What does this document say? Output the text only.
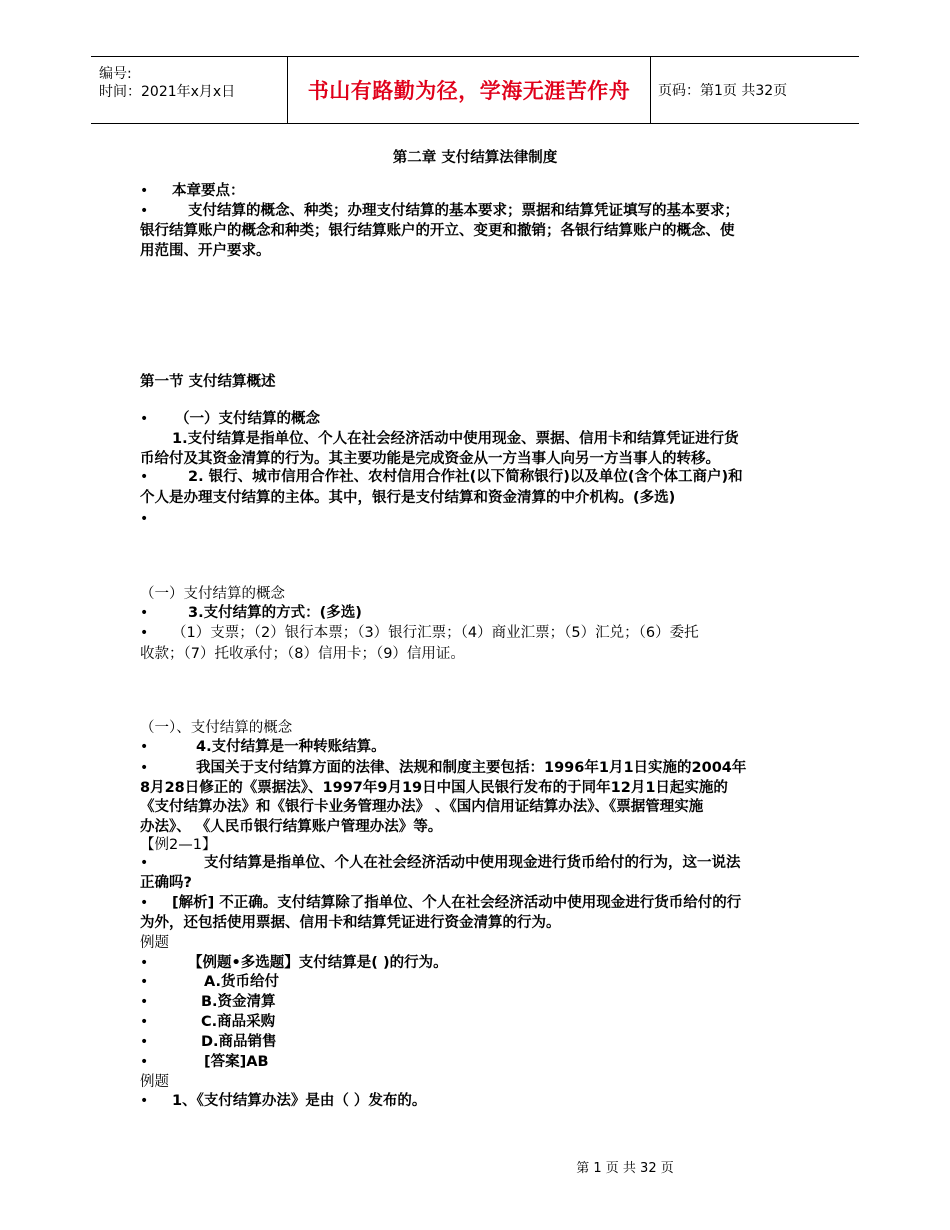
编号:
时间：2021年x月x日	书山有路勤为径，学海无涯苦作舟 页码：第1页 共32页
第二章 支付结算法律制度
•
•
•
•
•
•
•
•
•
•
•
•
•
•
•
•
•
•
本章要点：
支付结算的概念、种类；办理支付结算的基本要求；票据和结算凭证填写的基本要求；
银行结算账户的概念和种类；银行结算账户的开立、变更和撤销；各银行结算账户的概念、使
用范围、开户要求。
第一节 支付结算概述
（一）支付结算的概念
1.支付结算是指单位、个人在社会经济活动中使用现金、票据、信用卡和结算凭证进行货
币给付及其资金清算的行为。其主要功能是完成资金从一方当事人向另一方当事人的转移。
2. 银行、城市信用合作社、农村信用合作社(以下简称银行)以及单位(含个体工商户)和
个人是办理支付结算的主体。其中，银行是支付结算和资金清算的中介机构。(多选)
（一）支付结算的概念
3.支付结算的方式：(多选)
（1）支票；（2）银行本票；（3）银行汇票；（4）商业汇票；（5）汇兑；（6）委托
收款；（7）托收承付；（8）信用卡；（9）信用证。
（一）、支付结算的概念
4.支付结算是一种转账结算。
我国关于支付结算方面的法律、法规和制度主要包括：1996年1月1日实施的2004年
8月28日修正的《票据法》、1997年9月19日中国人民银行发布的于同年12月1日起实施的
《支付结算办法》和《银行卡业务管理办法》 、《国内信用证结算办法》、《票据管理实施
办法》、 《人民币银行结算账户管理办法》等。
【例2—1】
支付结算是指单位、个人在社会经济活动中使用现金进行货币给付的行为，这一说法
正确吗?
[解析] 不正确。支付结算除了指单位、个人在社会经济活动中使用现金进行货币给付的行
为外，还包括使用票据、信用卡和结算凭证进行资金清算的行为。
例题
【例题•多选题】支付结算是( )的行为。
A.货币给付
B.资金清算
C.商品采购
D.商品销售
[答案]AB
例题
1、《支付结算办法》是由（ ）发布的。
第 1 页 共 32 页
